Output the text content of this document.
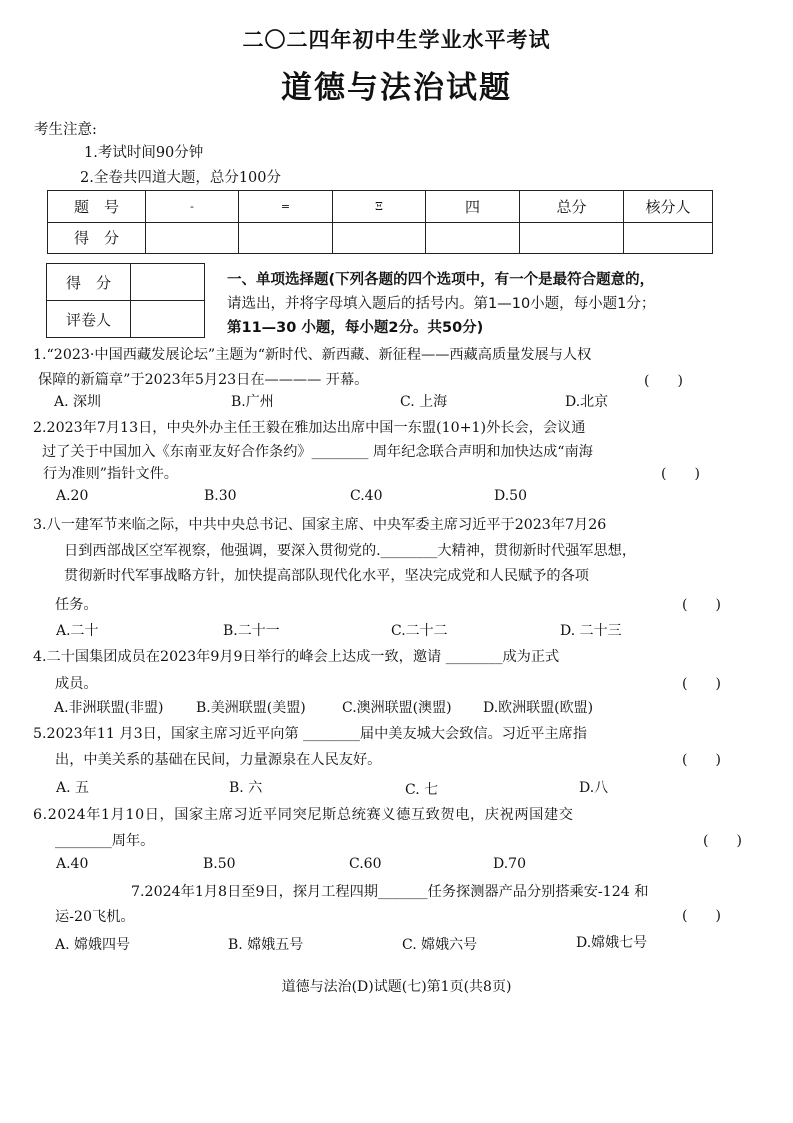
二〇二四年初中生学业水平考试
道德与法治试题
考生注意:
1.考试时间90分钟
2.全卷共四道大题，总分100分
题　号	-	=	Ξ	四	总分	核分人
得　分						
得　分	
评卷人	
一、单项选择题(下列各题的四个选项中，有一个是最符合题意的，
请选出，并将字母填入题后的括号内。第1—10小题，每小题1分；
第11—30 小题，每小题2分。共50分)
1.“2023·中国西藏发展论坛”主题为“新时代、新西藏、新征程——西藏高质量发展与人权
保障的新篇章”于2023年5月23日在———— 开幕。	(　　)
A. 深圳	B.广州	C. 上海	D.北京
2.2023年7月13日，中央外办主任王毅在雅加达出席中国一东盟(10+1)外长会，会议通
过了关于中国加入《东南亚友好合作条约》________ 周年纪念联合声明和加快达成“南海
行为准则”指针文件。	(　　)
A.20	B.30	C.40	D.50
3.八一建军节来临之际，中共中央总书记、国家主席、中央军委主席习近平于2023年7月26
日到西部战区空军视察，他强调，要深入贯彻党的.________大精神，贯彻新时代强军思想，
贯彻新时代军事战略方针，加快提高部队现代化水平，坚决完成党和人民赋予的各项
任务。	(　　)
A.二十	B.二十一	C.二十二	D. 二十三
4.二十国集团成员在2023年9月9日举行的峰会上达成一致，邀请 ________成为正式
成员。	(　　)
A.非洲联盟(非盟) B.美洲联盟(美盟)	C.澳洲联盟(澳盟) D.欧洲联盟(欧盟)
5.2023年11 月3日，国家主席习近平向第 ________届中美友城大会致信。习近平主席指
出，中美关系的基础在民间，力量源泉在人民友好。	(　　)
A. 五	B. 六	C. 七	D.八
6.2024年1月10日，国家主席习近平同突尼斯总统赛义德互致贺电，庆祝两国建交
________周年。	(　　)
A.40	B.50	C.60	D.70
7.2024年1月8日至9日，探月工程四期_______任务探测器产品分别搭乘安-124 和
运-20飞机。	(　　)
A. 嫦娥四号	B. 嫦娥五号	C. 嫦娥六号	D.嫦娥七号
道德与法治(D)试题(七)第1页(共8页)
